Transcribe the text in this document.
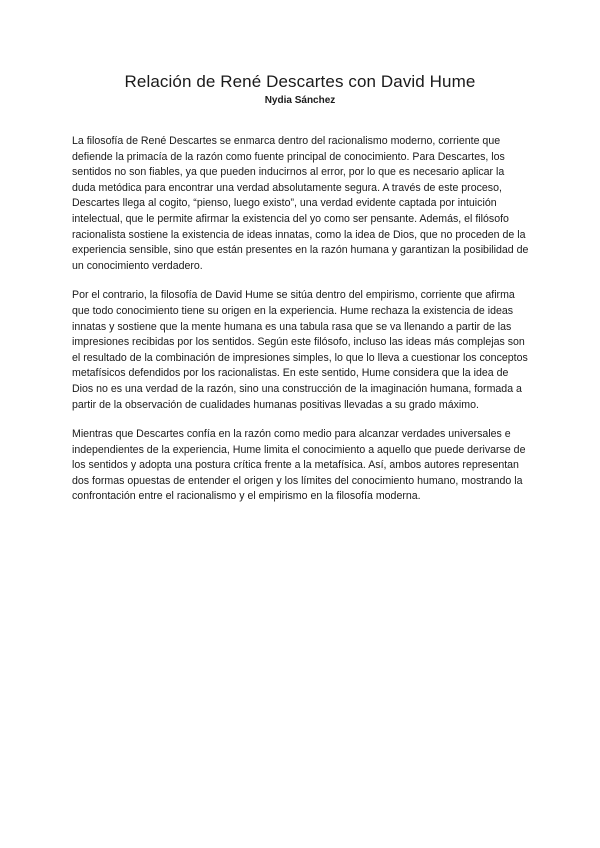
Relación de René Descartes con David Hume
Nydia Sánchez

La filosofía de René Descartes se enmarca dentro del racionalismo moderno, corriente que defiende la primacía de la razón como fuente principal de conocimiento. Para Descartes, los sentidos no son fiables, ya que pueden inducirnos al error, por lo que es necesario aplicar la duda metódica para encontrar una verdad absolutamente segura. A través de este proceso, Descartes llega al cogito, “pienso, luego existo”, una verdad evidente captada por intuición intelectual, que le permite afirmar la existencia del yo como ser pensante. Además, el filósofo racionalista sostiene la existencia de ideas innatas, como la idea de Dios, que no proceden de la experiencia sensible, sino que están presentes en la razón humana y garantizan la posibilidad de un conocimiento verdadero.

Por el contrario, la filosofía de David Hume se sitúa dentro del empirismo, corriente que afirma que todo conocimiento tiene su origen en la experiencia. Hume rechaza la existencia de ideas innatas y sostiene que la mente humana es una tabula rasa que se va llenando a partir de las impresiones recibidas por los sentidos. Según este filósofo, incluso las ideas más complejas son el resultado de la combinación de impresiones simples, lo que lo lleva a cuestionar los conceptos metafísicos defendidos por los racionalistas. En este sentido, Hume considera que la idea de Dios no es una verdad de la razón, sino una construcción de la imaginación humana, formada a partir de la observación de cualidades humanas positivas llevadas a su grado máximo.

Mientras que Descartes confía en la razón como medio para alcanzar verdades universales e independientes de la experiencia, Hume limita el conocimiento a aquello que puede derivarse de los sentidos y adopta una postura crítica frente a la metafísica. Así, ambos autores representan dos formas opuestas de entender el origen y los límites del conocimiento humano, mostrando la confrontación entre el racionalismo y el empirismo en la filosofía moderna.
